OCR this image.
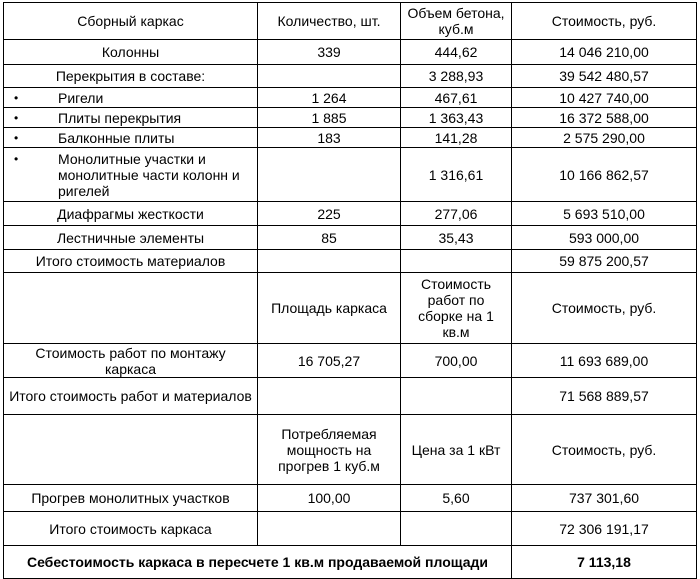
Сборный каркас	Количество, шт.	Объем бетона, куб.м	Стоимость, руб.
Колонны	339	444,62	14 046 210,00
Перекрытия в составе:		3 288,93	39 542 480,57

• Ригели	1 264	467,61	10 427 740,00

• Плиты перекрытия	1 885	1 363,43	16 372 588,00

• Балконные плиты	183	141,28	2 575 290,00

• Монолитные участки и монолитные части колонн и ригелей		1 316,61	10 166 862,57
Диафрагмы жесткости	225	277,06	5 693 510,00
Лестничные элементы	85	35,43	593 000,00
Итого стоимость материалов			59 875 200,57
	Площадь каркаса	Стоимость работ по сборке на 1 кв.м	Стоимость, руб.
Стоимость работ по монтажу каркаса	16 705,27	700,00	11 693 689,00
Итого стоимость работ и материалов			71 568 889,57
	Потребляемая мощность на прогрев 1 куб.м	Цена за 1 кВт	Стоимость, руб.
Прогрев монолитных участков	100,00	5,60	737 301,60
Итого стоимость каркаса			72 306 191,17
Себестоимость каркаса в пересчете 1 кв.м продаваемой площади			7 113,18
